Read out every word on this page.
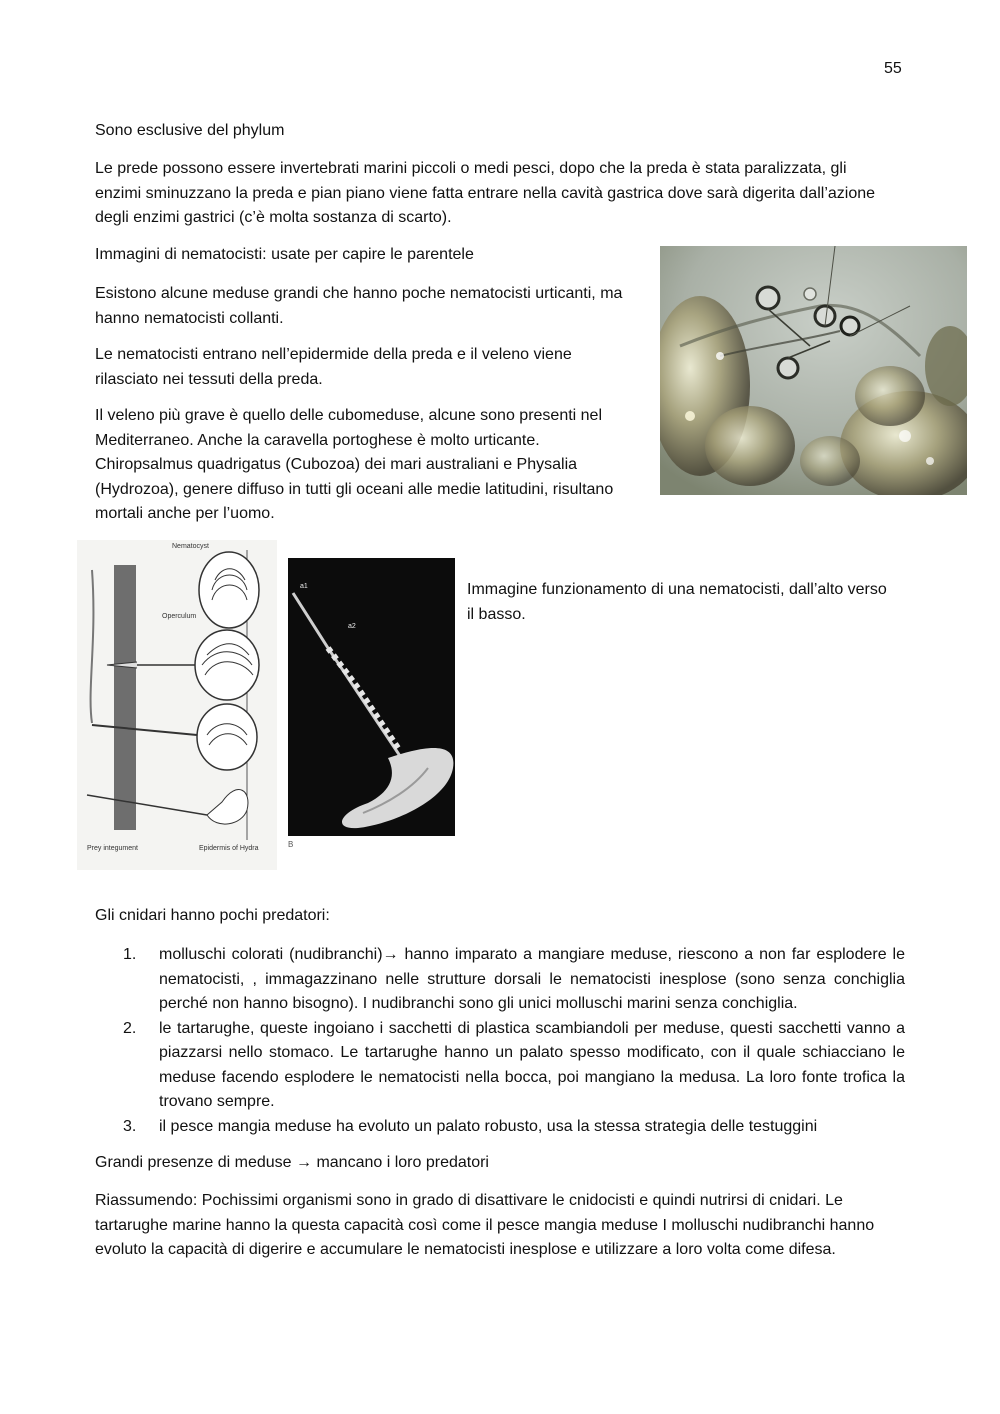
55

Sono esclusive del phylum

Le prede possono essere invertebrati marini piccoli o medi pesci, dopo che la preda è stata paralizzata, gli enzimi sminuzzano la preda e pian piano viene fatta entrare nella cavità gastrica dove sarà digerita dall’azione degli enzimi gastrici (c’è molta sostanza di scarto).

Immagini di nematocisti: usate per capire le parentele

Esistono alcune meduse grandi che hanno poche nematocisti urticanti, ma hanno nematocisti collanti.

Le nematocisti entrano nell’epidermide della preda e il veleno viene rilasciato nei tessuti della preda.

Il veleno più grave è quello delle cubomeduse, alcune sono presenti nel Mediterraneo. Anche la caravella portoghese è molto urticante. Chiropsalmus quadrigatus (Cubozoa) dei mari australiani e Physalia (Hydrozoa), genere diffuso in tutti gli oceani alle medie latitudini, risultano mortali anche per l’uomo.

Nematocyst
Operculum
Prey integument	Epidermis of Hydra
a1
a2
B

Immagine funzionamento di una nematocisti, dall’alto verso il basso.

Gli cnidari hanno pochi predatori:

1. molluschi colorati (nudibranchi)→ hanno imparato a mangiare meduse, riescono a non far esplodere le nematocisti, , immagazzinano nelle strutture dorsali le nematocisti inesplose (sono senza conchiglia perché non hanno bisogno). I nudibranchi sono gli unici molluschi marini senza conchiglia.
2. le tartarughe, queste ingoiano i sacchetti di plastica scambiandoli per meduse, questi sacchetti vanno a piazzarsi nello stomaco. Le tartarughe hanno un palato spesso modificato, con il quale schiacciano le meduse facendo esplodere le nematocisti nella bocca, poi mangiano la medusa. La loro fonte trofica la trovano sempre.
3. il pesce mangia meduse ha evoluto un palato robusto, usa la stessa strategia delle testuggini

Grandi presenze di meduse → mancano i loro predatori

Riassumendo: Pochissimi organismi sono in grado di disattivare le cnidocisti e quindi nutrirsi di cnidari. Le tartarughe marine hanno la questa capacità così come il pesce mangia meduse I molluschi nudibranchi hanno evoluto la capacità di digerire e accumulare le nematocisti inesplose e utilizzare a loro volta come difesa.
